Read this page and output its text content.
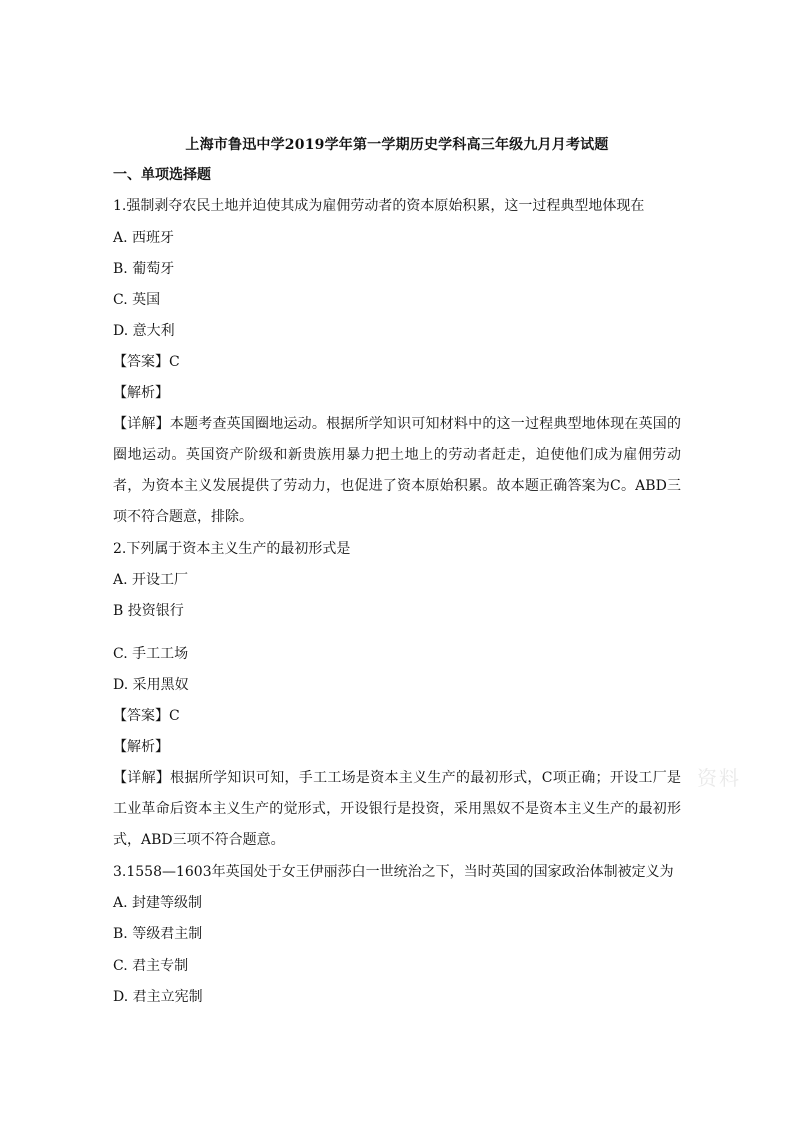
上海市鲁迅中学2019学年第一学期历史学科高三年级九月月考试题
一、单项选择题
1.强制剥夺农民土地并迫使其成为雇佣劳动者的资本原始积累，这一过程典型地体现在
A. 西班牙
B. 葡萄牙
C. 英国
D. 意大利
【答案】C
【解析】
【详解】本题考查英国圈地运动。根据所学知识可知材料中的这一过程典型地体现在英国的圈地运动。英国资产阶级和新贵族用暴力把土地上的劳动者赶走，迫使他们成为雇佣劳动者，为资本主义发展提供了劳动力，也促进了资本原始积累。故本题正确答案为C。ABD三项不符合题意，排除。
2.下列属于资本主义生产的最初形式是
A. 开设工厂
B 投资银行
C. 手工工场
D. 采用黑奴
【答案】C
【解析】
【详解】根据所学知识可知，手工工场是资本主义生产的最初形式，C项正确；开设工厂是工业革命后资本主义生产的觉形式，开设银行是投资，采用黑奴不是资本主义生产的最初形式，ABD三项不符合题意。
3.1558—1603年英国处于女王伊丽莎白一世统治之下，当时英国的国家政治体制被定义为
A. 封建等级制
B. 等级君主制
C. 君主专制
D. 君主立宪制
资料
